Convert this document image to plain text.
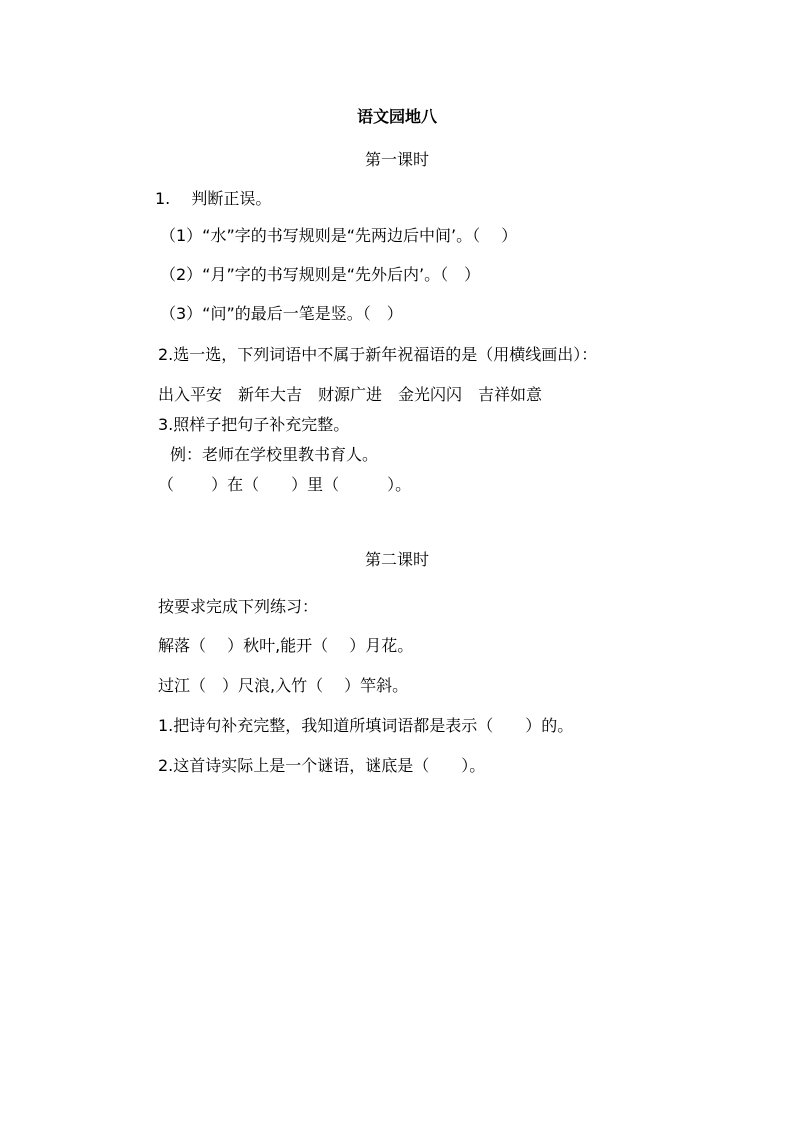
语文园地八
第一课时
1.　 判断正误。
（1）“水”字的书写规则是“先两边后中间’。（　 ）
（2）“月”字的书写规则是“先外后内’。（　）
（3）“问”的最后一笔是竖。（　）
2.选一选，下列词语中不属于新年祝福语的是（用横线画出）：
出入平安　新年大吉　财源广进　金光闪闪　吉祥如意
3.照样子把句子补充完整。
例：老师在学校里教书育人。
（　　 ）在（　　）里（　　　）。
第二课时
按要求完成下列练习：
解落（　 ）秋叶,能开（　 ）月花。
过江（　）尺浪,入竹（　 ）竿斜。
1.把诗句补充完整，我知道所填词语都是表示（　　）的。
2.这首诗实际上是一个谜语，谜底是（　　）。
